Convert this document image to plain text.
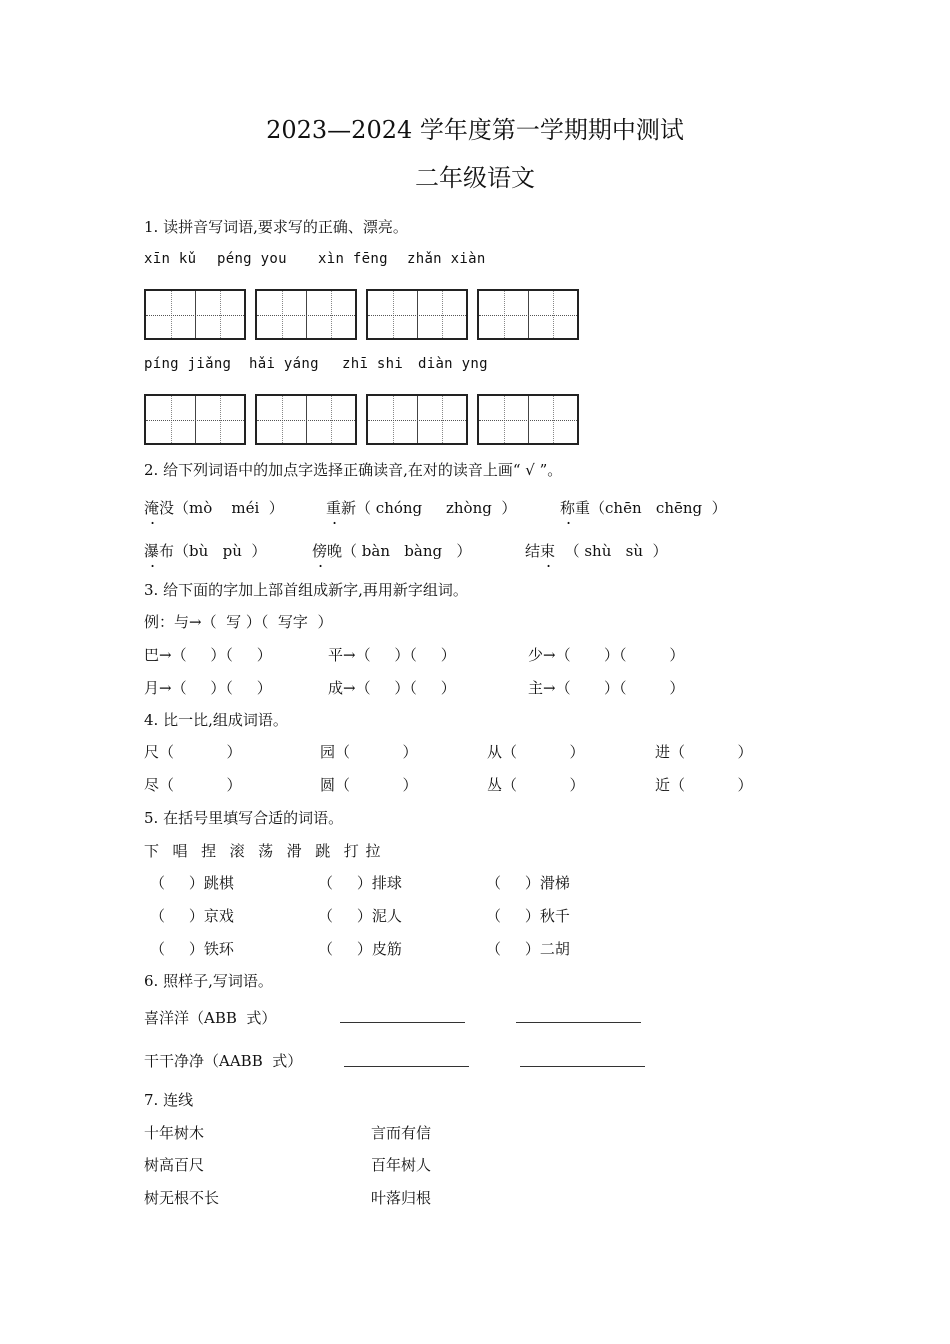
2023—2024 学年度第一学期期中测试
二年级语文
1. 读拼音写词语,要求写的正确、漂亮。
xīn kǔ péng you xìn fēng zhǎn xiàn
píng jiǎng hǎi yáng zhī shi diàn yng
2. 给下列词语中的加点字选择正确读音,在对的读音上画“ √ ”。
淹没（mò    méi  ）	重新（ chóng     zhòng  ）	称重（chēn   chēng  ）
瀑布（bù   pù  ）	傍晚（ bàn   bàng   ）	结束  （ shù   sù  ）
3. 给下面的字加上部首组成新字,再用新字组词。
例：与→（  写 ）（  写字  ）
巴→（     ）（     ）	平→（     ）（     ）	少→（       ）（         ）
月→（     ）（     ）	成→（     ）（     ）	主→（       ）（         ）
4. 比一比,组成词语。
尺（           ）	园（           ）	从（           ）	进（           ）
尽（           ）	圆（           ）	丛（           ）	近（           ）
5. 在括号里填写合适的词语。
下  唱  捏  滚  荡  滑  跳  打 拉
（     ）跳棋	（     ）排球	（     ）滑梯
（     ）京戏	（     ）泥人	（     ）秋千
（     ）铁环	（     ）皮筋	（     ）二胡
6. 照样子,写词语。
喜洋洋（ABB  式）
干干净净（AABB  式）
7. 连线
十年树木	言而有信
树高百尺	百年树人
树无根不长	叶落归根
